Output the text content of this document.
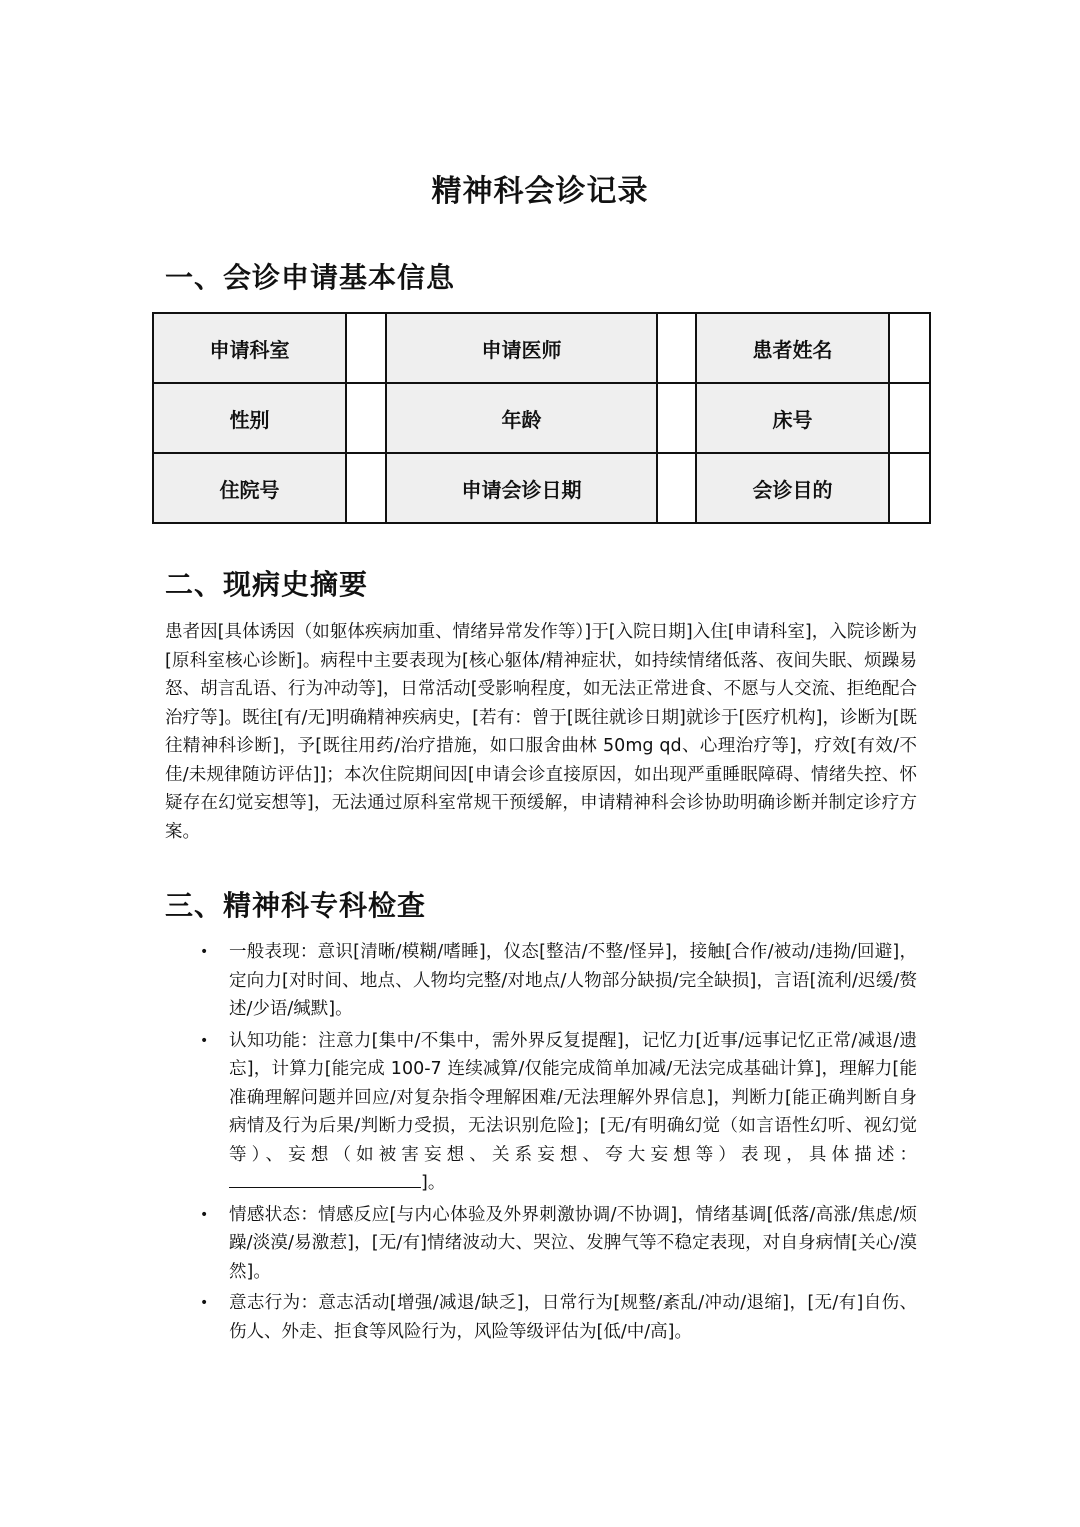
精神科会诊记录
一、会诊申请基本信息
申请科室		申请医师		患者姓名	
性别		年龄		床号	
住院号		申请会诊日期		会诊目的	
二、现病史摘要

患者因[具体诱因（如躯体疾病加重、情绪异常发作等）]于[入院日期]入住[申请科室]，入院诊断为[原科室核心诊断]。病程中主要表现为[核心躯体/精神症状，如持续情绪低落、夜间失眠、烦躁易怒、胡言乱语、行为冲动等]，日常活动[受影响程度，如无法正常进食、不愿与人交流、拒绝配合治疗等]。既往[有/无]明确精神疾病史，[若有：曾于[既往就诊日期]就诊于[医疗机构]，诊断为[既往精神科诊断]，予[既往用药/治疗措施，如口服舍曲林 50mg qd、心理治疗等]，疗效[有效/不佳/未规律随访评估]]；本次住院期间因[申请会诊直接原因，如出现严重睡眠障碍、情绪失控、怀疑存在幻觉妄想等]，无法通过原科室常规干预缓解，申请精神科会诊协助明确诊断并制定诊疗方案。

三、精神科专科检查
• 一般表现：意识[清晰/模糊/嗜睡]，仪态[整洁/不整/怪异]，接触[合作/被动/违拗/回避]，定向力[对时间、地点、人物均完整/对地点/人物部分缺损/完全缺损]，言语[流利/迟缓/赘述/少语/缄默]。
• 认知功能：注意力[集中/不集中，需外界反复提醒]，记忆力[近事/远事记忆正常/减退/遗忘]，计算力[能完成 100-7 连续减算/仅能完成简单加减/无法完成基础计算]，理解力[能准确理解问题并回应/对复杂指令理解困难/无法理解外界信息]，判断力[能正确判断自身病情及行为后果/判断力受损，无法识别危险]；[无/有明确幻觉（如言语性幻听、视幻觉等）、妄想（如被害妄想、关系妄想、夸大妄想等）表现，具体描述：]。
• 情感状态：情感反应[与内心体验及外界刺激协调/不协调]，情绪基调[低落/高涨/焦虑/烦躁/淡漠/易激惹]，[无/有]情绪波动大、哭泣、发脾气等不稳定表现，对自身病情[关心/漠然]。
• 意志行为：意志活动[增强/减退/缺乏]，日常行为[规整/紊乱/冲动/退缩]，[无/有]自伤、伤人、外走、拒食等风险行为，风险等级评估为[低/中/高]。
